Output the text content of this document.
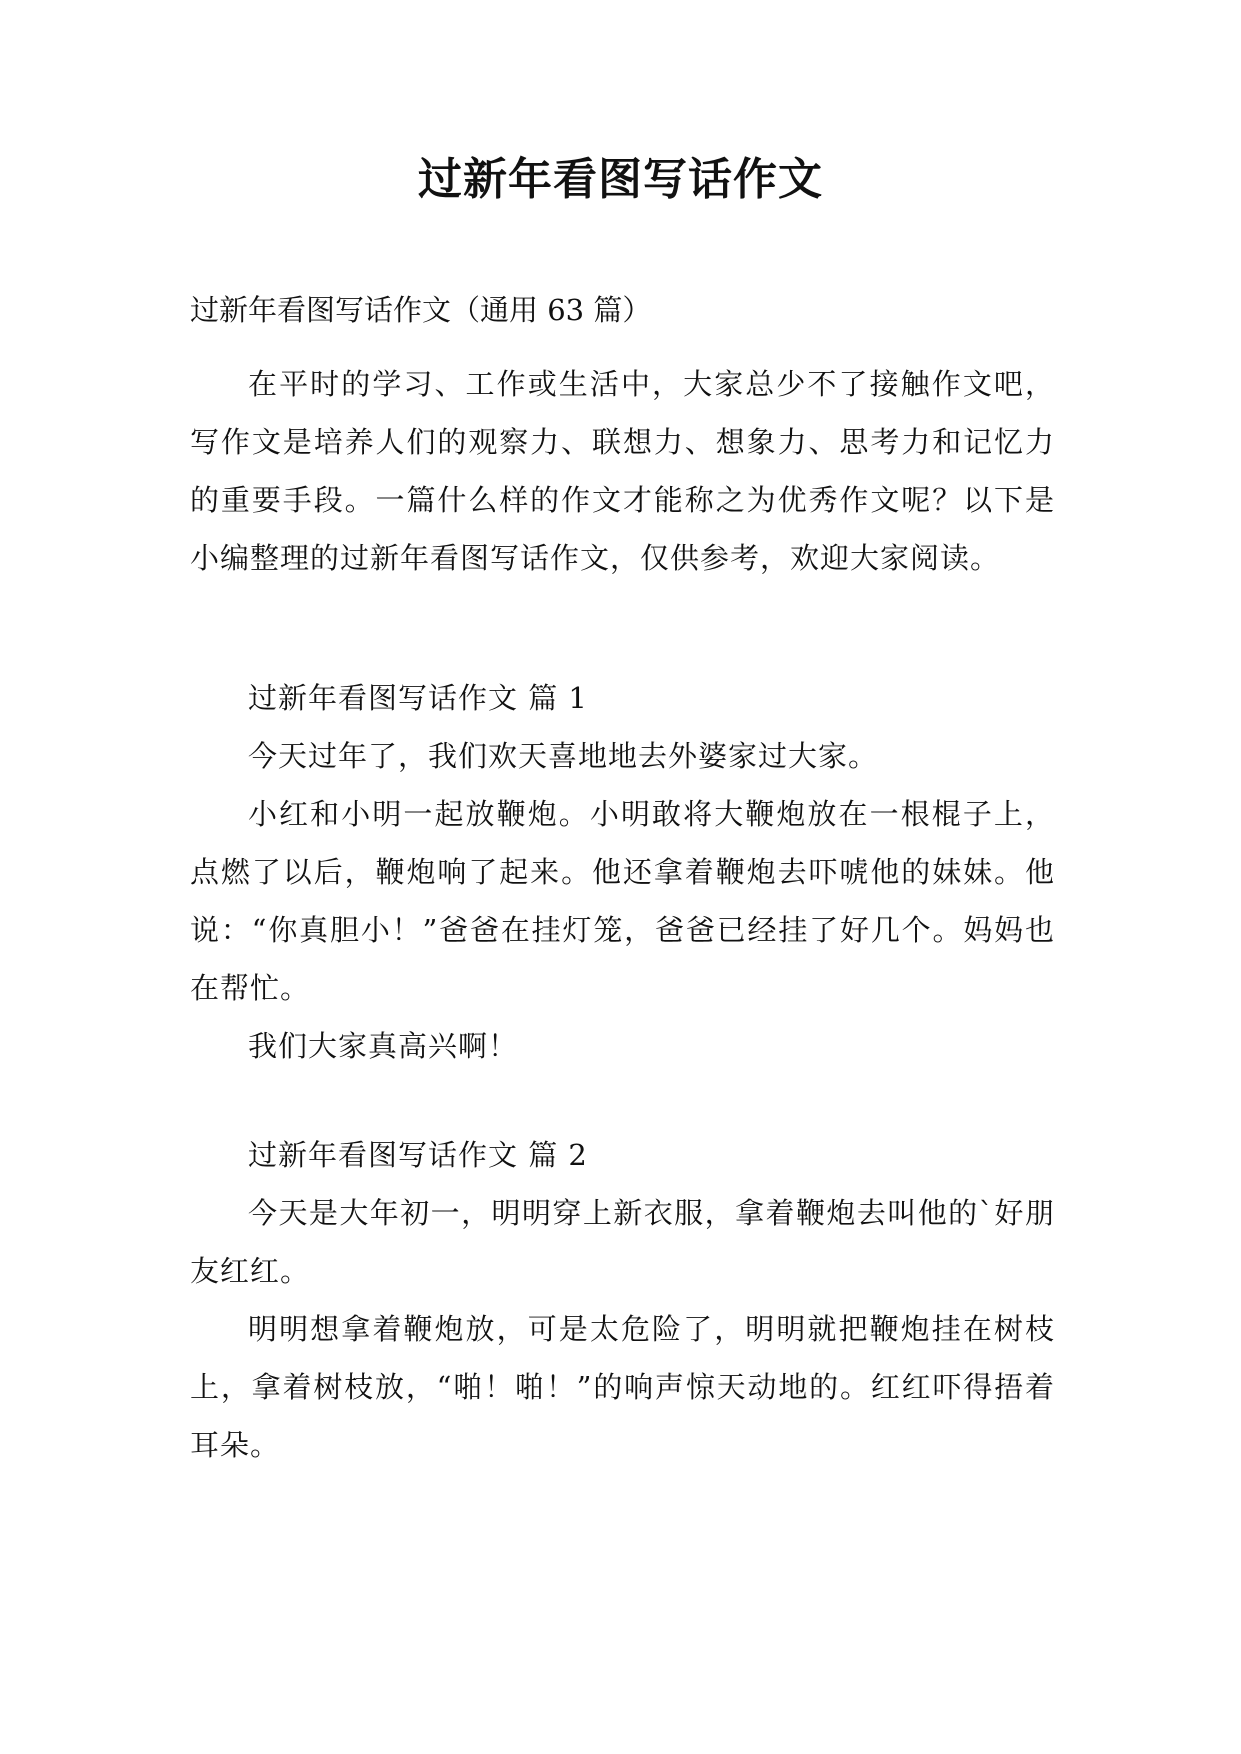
过新年看图写话作文

过新年看图写话作文（通用 63 篇）

在平时的学习、工作或生活中，大家总少不了接触作文吧，写作文是培养人们的观察力、联想力、想象力、思考力和记忆力的重要手段。一篇什么样的作文才能称之为优秀作文呢？以下是小编整理的过新年看图写话作文，仅供参考，欢迎大家阅读。

过新年看图写话作文 篇 1

今天过年了，我们欢天喜地地去外婆家过大家。

小红和小明一起放鞭炮。小明敢将大鞭炮放在一根棍子上，点燃了以后，鞭炮响了起来。他还拿着鞭炮去吓唬他的妹妹。他说：“你真胆小！”爸爸在挂灯笼，爸爸已经挂了好几个。妈妈也在帮忙。

我们大家真高兴啊！

过新年看图写话作文 篇 2

今天是大年初一，明明穿上新衣服，拿着鞭炮去叫他的`好朋友红红。

明明想拿着鞭炮放，可是太危险了，明明就把鞭炮挂在树枝上，拿着树枝放，“啪！啪！”的响声惊天动地的。红红吓得捂着耳朵。
